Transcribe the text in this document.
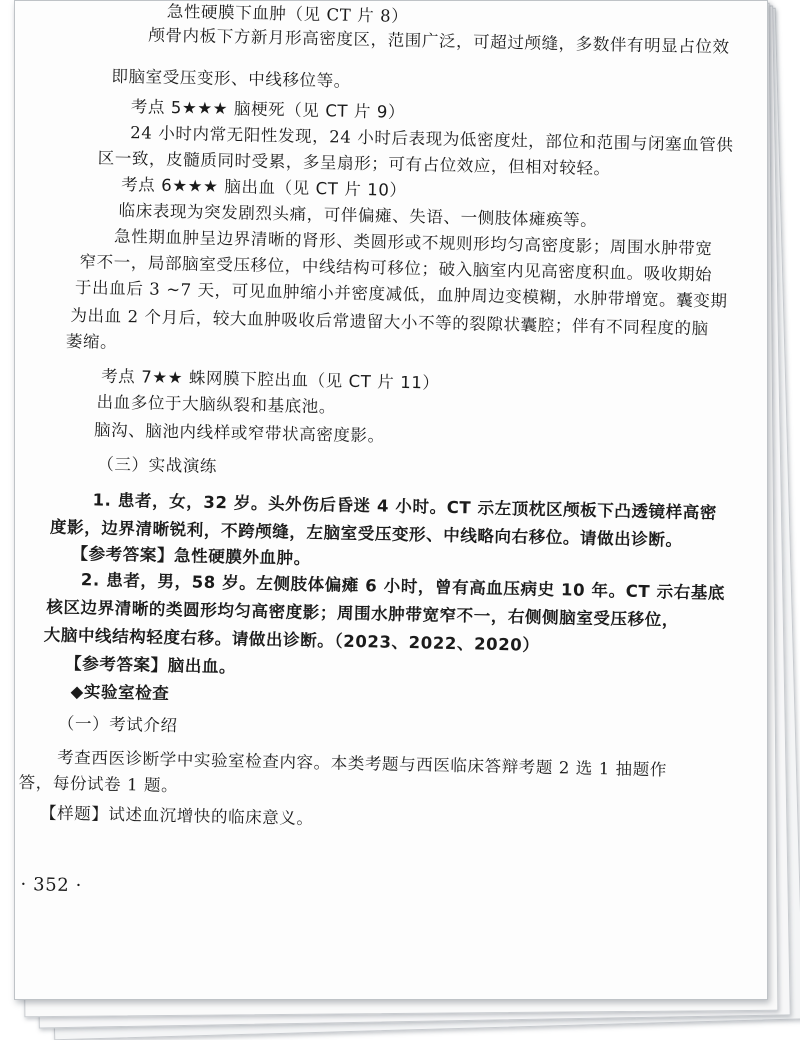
急性硬膜下血肿（见 CT 片 8）
颅骨内板下方新月形高密度区，范围广泛，可超过颅缝，多数伴有明显占位效
即脑室受压变形、中线移位等。
考点 5★★★ 脑梗死（见 CT 片 9）
24 小时内常无阳性发现，24 小时后表现为低密度灶，部位和范围与闭塞血管供
区一致，皮髓质同时受累，多呈扇形；可有占位效应，但相对较轻。
考点 6★★★ 脑出血（见 CT 片 10）
临床表现为突发剧烈头痛，可伴偏瘫、失语、一侧肢体瘫痪等。
急性期血肿呈边界清晰的肾形、类圆形或不规则形均匀高密度影；周围水肿带宽
窄不一，局部脑室受压移位，中线结构可移位；破入脑室内见高密度积血。吸收期始
于出血后 3 ~7 天，可见血肿缩小并密度减低，血肿周边变模糊，水肿带增宽。囊变期
为出血 2 个月后，较大血肿吸收后常遗留大小不等的裂隙状囊腔；伴有不同程度的脑
萎缩。
考点 7★★ 蛛网膜下腔出血（见 CT 片 11）
出血多位于大脑纵裂和基底池。
脑沟、脑池内线样或窄带状高密度影。
（三）实战演练
1. 患者，女，32 岁。头外伤后昏迷 4 小时。CT 示左顶枕区颅板下凸透镜样高密
度影，边界清晰锐利，不跨颅缝，左脑室受压变形、中线略向右移位。请做出诊断。
【参考答案】急性硬膜外血肿。
2. 患者，男，58 岁。左侧肢体偏瘫 6 小时，曾有高血压病史 10 年。CT 示右基底
核区边界清晰的类圆形均匀高密度影；周围水肿带宽窄不一，右侧侧脑室受压移位，
大脑中线结构轻度右移。请做出诊断。（2023、2022、2020）
【参考答案】脑出血。
◆实验室检查
（一）考试介绍
考查西医诊断学中实验室检查内容。本类考题与西医临床答辩考题 2 选 1 抽题作
答，每份试卷 1 题。
【样题】试述血沉增快的临床意义。
· 352 ·
